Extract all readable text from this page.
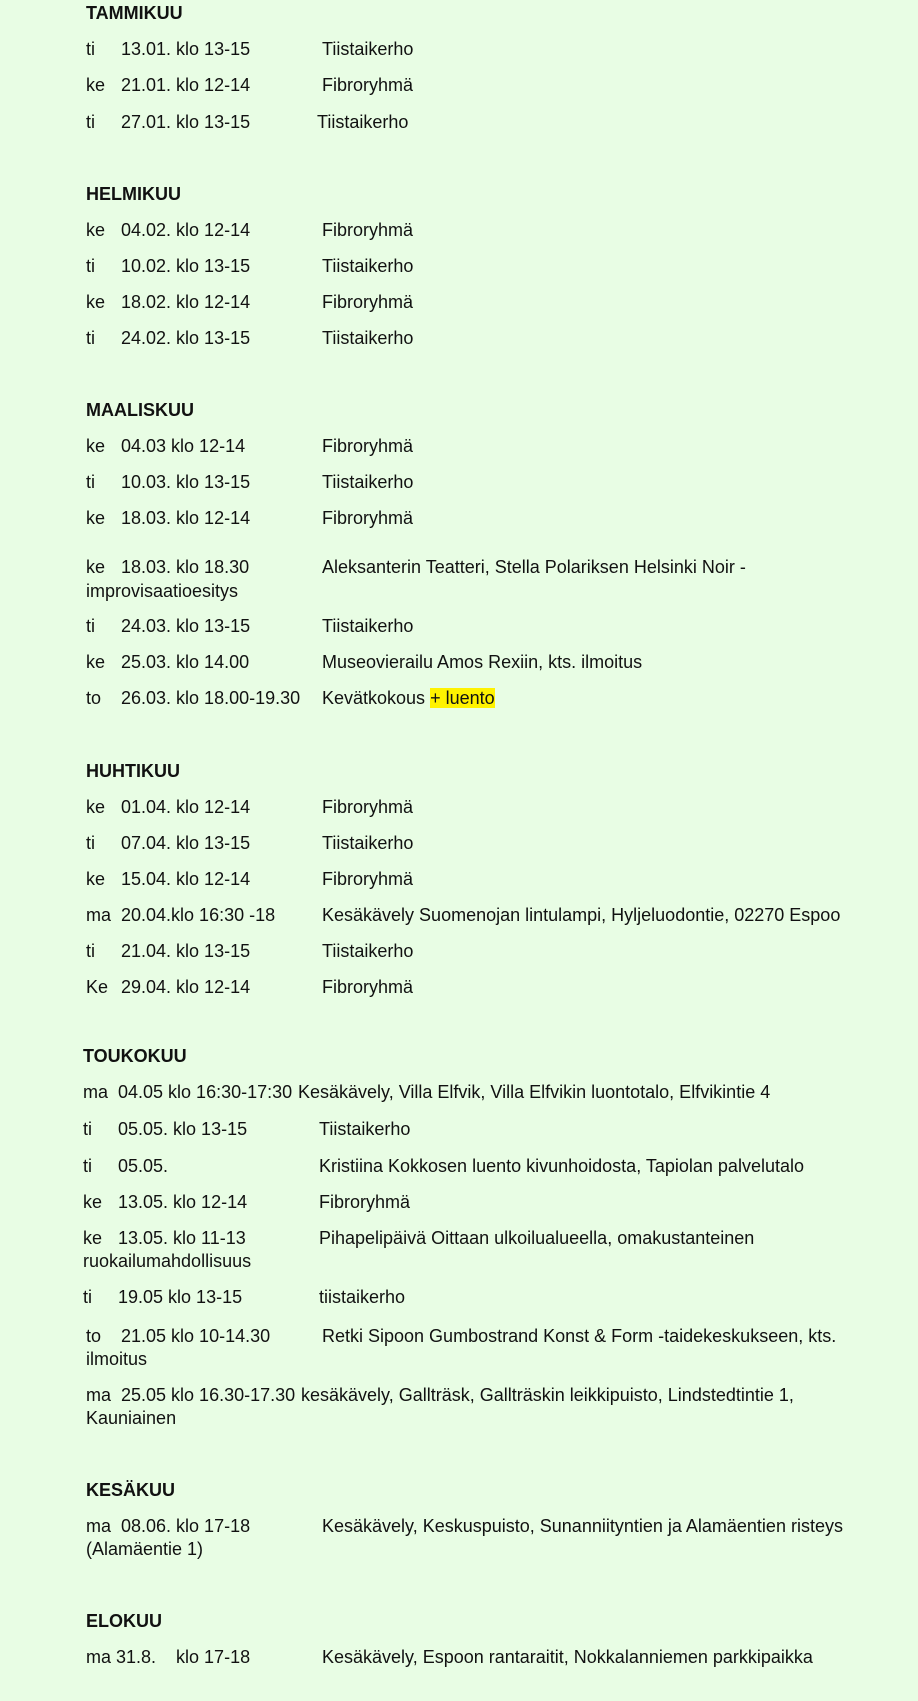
TAMMIKUU
ti 13.01. klo 13-15	Tiistaikerho
ke 21.01. klo 12-14	Fibroryhmä
ti 27.01. klo 13-15	Tiistaikerho
HELMIKUU
ke 04.02. klo 12-14	Fibroryhmä
ti 10.02. klo 13-15	Tiistaikerho
ke 18.02. klo 12-14	Fibroryhmä
ti 24.02. klo 13-15	Tiistaikerho
MAALISKUU
ke 04.03 klo 12-14	Fibroryhmä
ti 10.03. klo 13-15	Tiistaikerho
ke 18.03. klo 12-14	Fibroryhmä
ke 18.03. klo 18.30	Aleksanterin Teatteri, Stella Polariksen Helsinki Noir -
improvisaatioesitys
ti 24.03. klo 13-15	Tiistaikerho
ke 25.03. klo 14.00	Museovierailu Amos Rexiin, kts. ilmoitus
to 26.03. klo 18.00-19.30 Kevätkokous + luento
HUHTIKUU
ke 01.04. klo 12-14	Fibroryhmä
ti 07.04. klo 13-15	Tiistaikerho
ke 15.04. klo 12-14	Fibroryhmä
ma 20.04.klo 16:30 -18	Kesäkävely Suomenojan lintulampi, Hyljeluodontie, 02270 Espoo
ti 21.04. klo 13-15	Tiistaikerho
Ke 29.04. klo 12-14	Fibroryhmä
TOUKOKUU
ma 04.05 klo 16:30-17:30 Kesäkävely, Villa Elfvik, Villa Elfvikin luontotalo, Elfvikintie 4
ti 05.05. klo 13-15	Tiistaikerho
ti 05.05.	Kristiina Kokkosen luento kivunhoidosta, Tapiolan palvelutalo
ke 13.05. klo 12-14	Fibroryhmä
ke 13.05. klo 11-13	Pihapelipäivä Oittaan ulkoilualueella, omakustanteinen
ruokailumahdollisuus
ti 19.05 klo 13-15	tiistaikerho
to 21.05 klo 10-14.30	Retki Sipoon Gumbostrand Konst & Form -taidekeskukseen, kts.
ilmoitus
ma 25.05 klo 16.30-17.30 kesäkävely, Gallträsk, Gallträskin leikkipuisto, Lindstedtintie 1,
Kauniainen
KESÄKUU
ma 08.06. klo 17-18	Kesäkävely, Keskuspuisto, Sunanniityntien ja Alamäentien risteys
(Alamäentie 1)
ELOKUU
ma 31.8.    klo 17-18	Kesäkävely, Espoon rantaraitit, Nokkalanniemen parkkipaikka
